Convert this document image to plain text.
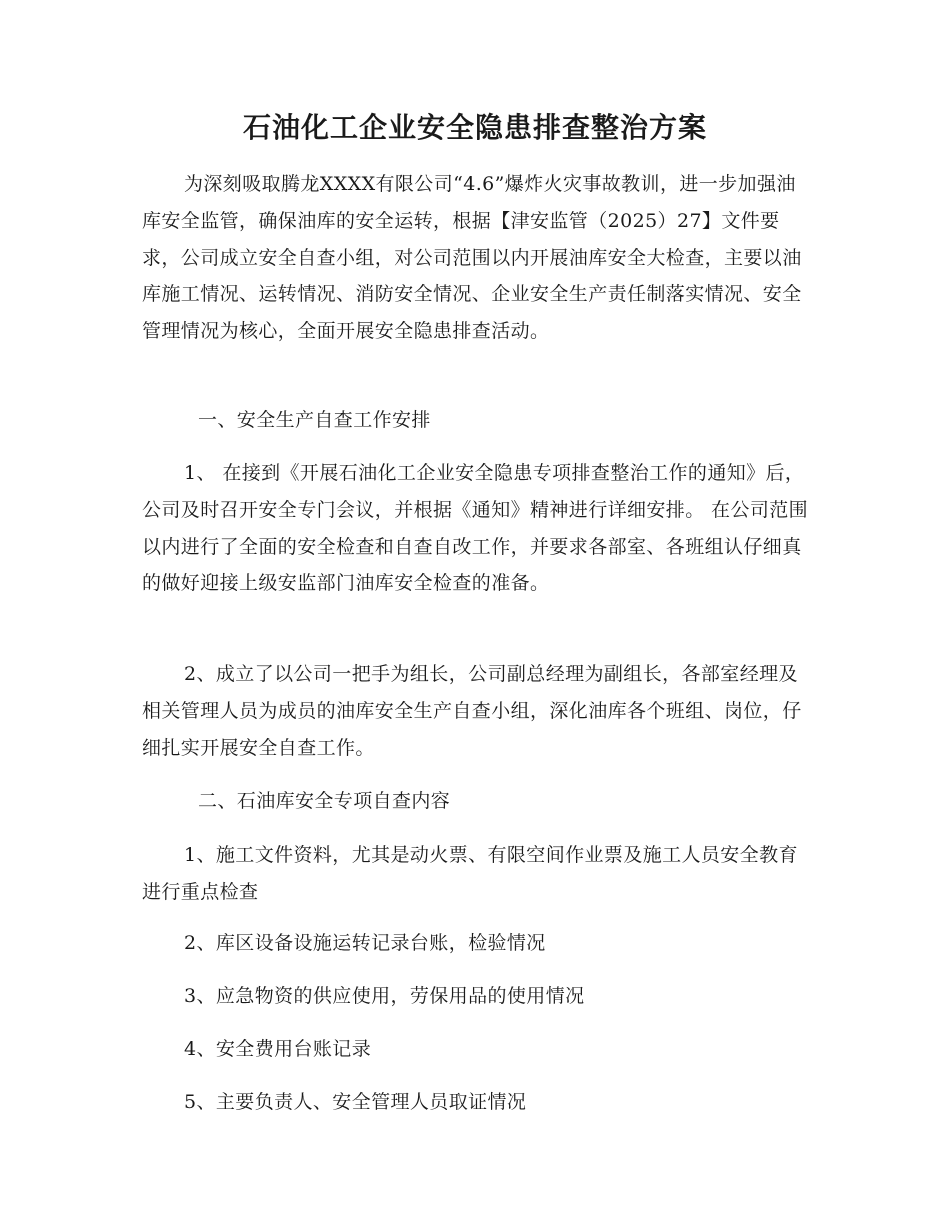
石油化工企业安全隐患排查整治方案
为深刻吸取腾龙XXXX有限公司“4.6”爆炸火灾事故教训，进一步加强油库安全监管，确保油库的安全运转，根据【津安监管（2025）27】文件要求，公司成立安全自查小组，对公司范围以内开展油库安全大检查，主要以油库施工情况、运转情况、消防安全情况、企业安全生产责任制落实情况、安全管理情况为核心，全面开展安全隐患排查活动。
一、安全生产自查工作安排
1、 在接到《开展石油化工企业安全隐患专项排查整治工作的通知》后，公司及时召开安全专门会议，并根据《通知》精神进行详细安排。 在公司范围以内进行了全面的安全检查和自查自改工作，并要求各部室、各班组认仔细真的做好迎接上级安监部门油库安全检查的准备。
2、成立了以公司一把手为组长，公司副总经理为副组长，各部室经理及相关管理人员为成员的油库安全生产自查小组，深化油库各个班组、岗位，仔细扎实开展安全自查工作。
二、石油库安全专项自查内容
1、施工文件资料，尤其是动火票、有限空间作业票及施工人员安全教育进行重点检查
2、库区设备设施运转记录台账，检验情况
3、应急物资的供应使用，劳保用品的使用情况
4、安全费用台账记录
5、主要负责人、安全管理人员取证情况
